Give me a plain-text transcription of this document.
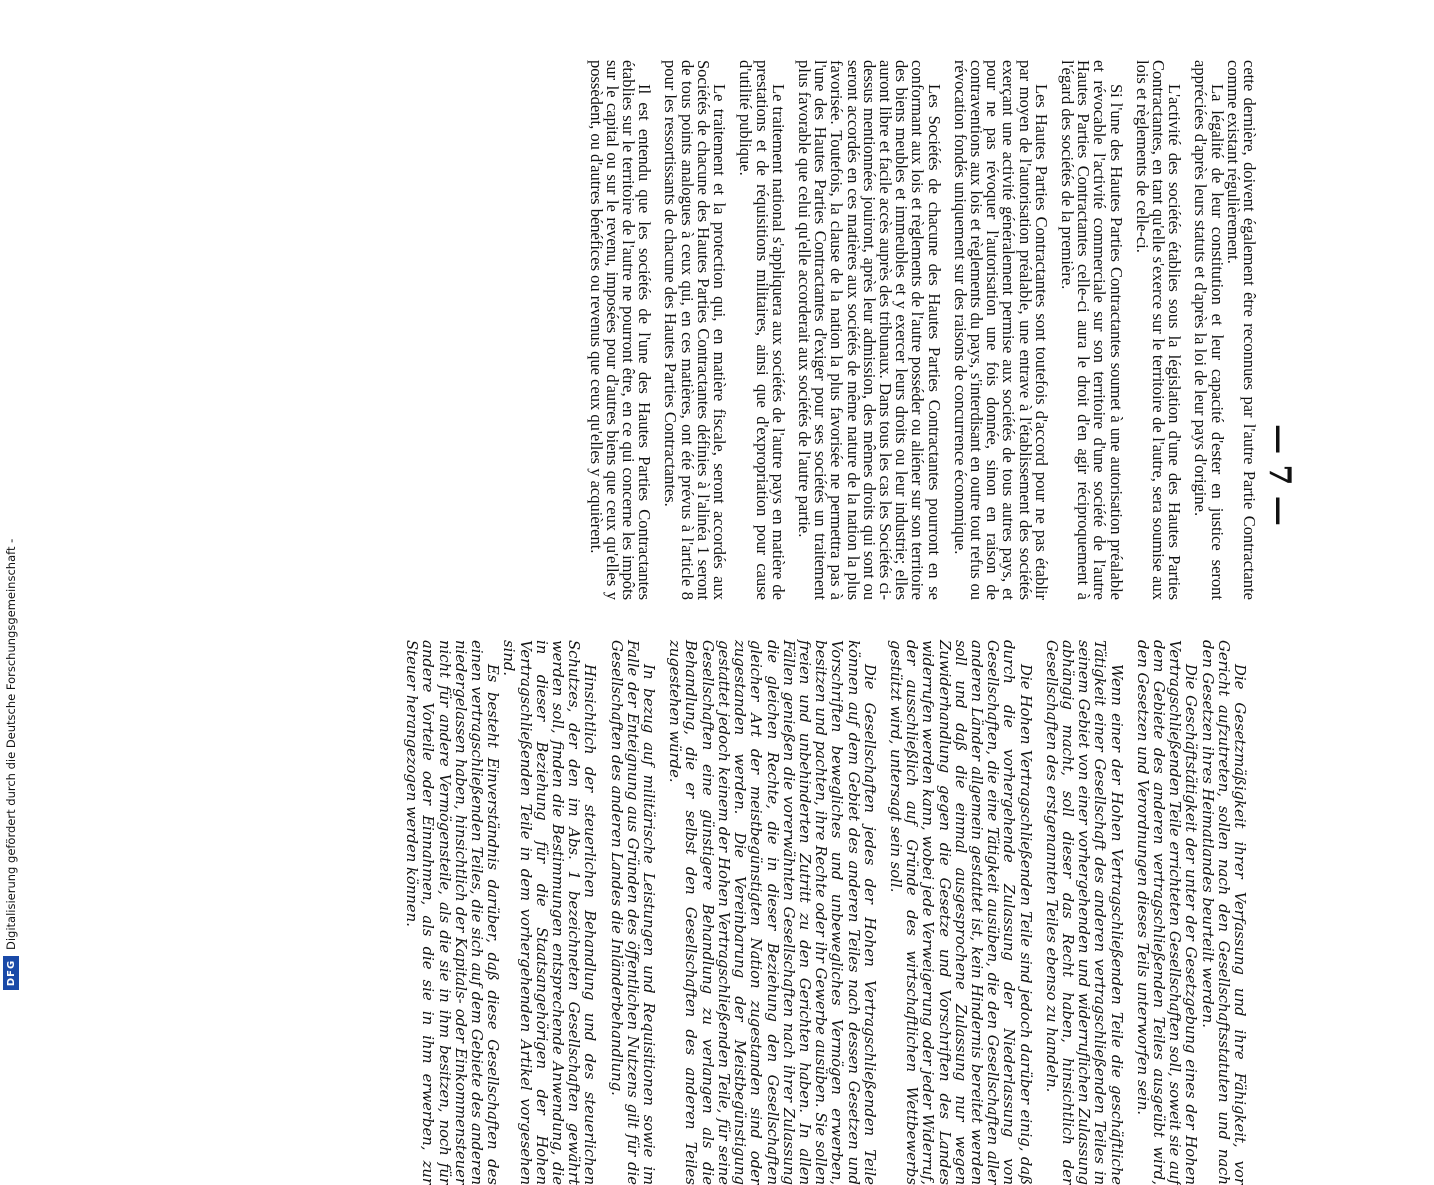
— 7 —

cette dernière, doivent également être reconnues par l'autre Partie Contractante comme existant régulièrement.

La légalité de leur constitution et leur capacité d'ester en justice seront appréciées d'après leurs statuts et d'après la loi de leur pays d'origine.

L'activité des sociétés établies sous la législation d'une des Hautes Parties Contractantes, en tant qu'elle s'exerce sur le territoire de l'autre, sera soumise aux lois et règlements de celle-ci.

Si l'une des Hautes Parties Contractantes soumet à une autorisation préalable et révocable l'activité commerciale sur son territoire d'une société de l'autre Hautes Parties Contractantes celle-ci aura le droit d'en agir réciproquement à l'égard des sociétés de la première.

Les Hautes Parties Contractantes sont toutefois d'accord pour ne pas établir par moyen de l'autorisation préalable, une entrave à l'établissement des sociétés exerçant une activité généralement permise aux sociétés de tous autres pays, et pour ne pas révoquer l'autorisation une fois donnée, sinon en raison de contraventions aux lois et règlements du pays, s'interdisant en outre tout refus ou révocation fondés uniquement sur des raisons de concurrence économique.

Les Sociétés de chacune des Hautes Parties Contractantes pourront en se conformant aux lois et règlements de l'autre posséder ou aliéner sur son territoire des biens meubles et immeubles et y exercer leurs droits ou leur industrie; elles auront libre et facile accès auprès des tribunaux. Dans tous les cas les Sociétés ci-dessus mentionnées jouiront, après leur admission, des mêmes droits qui sont ou seront accordés en ces matières aux sociétés de même nature de la nation la plus favorisée. Toutefois, la clause de la nation la plus favorisée ne permettra pas à l'une des Hautes Parties Contractantes d'exiger pour ses sociétés un traitement plus favorable que celui qu'elle accorderait aux sociétés de l'autre partie.

Le traitement national s'appliquera aux sociétés de l'autre pays en matière de prestations et de réquisitions militaires, ainsi que d'expropriation pour cause d'utilité publique.

Le traitement et la protection qui, en matière fiscale, seront accordés aux Sociétés de chacune des Hautes Parties Contractantes définies à l'alinéa 1 seront de tous points analogues à ceux qui, en ces matières, ont été prévus à l'article 8 pour les ressortissants de chacune des Hautes Parties Contractantes.

Il est entendu que les sociétés de l'une des Hautes Parties Contractantes établies sur le territoire de l'autre ne pourront être, en ce qui concerne les impôts sur le capital ou sur le revenu, imposées pour d'autres biens que ceux qu'elles y possèdent, ou d'autres bénéfices ou revenus que ceux qu'elles y acquièrent.

Die Gesetzmäßigkeit ihrer Verfassung und ihre Fähigkeit, vor Gericht aufzutreten, sollen nach den Gesellschaftsstatuten und nach den Gesetzen ihres Heimatlandes beurteilt werden.

Die Geschäftstätigkeit der unter der Gesetzgebung eines der Hohen Vertragschließenden Teile errichteten Gesellschaften soll, soweit sie auf dem Gebiete des anderen vertragschließenden Teiles ausgeübt wird, den Gesetzen und Verordnungen dieses Teils unterworfen sein.

Wenn einer der Hohen Vertragschließenden Teile die geschäftliche Tätigkeit einer Gesellschaft des anderen vertragschließenden Teiles in seinem Gebiet von einer vorhergehenden und widerruflichen Zulassung abhängig macht, soll dieser das Recht haben, hinsichtlich der Gesellschaften des erstgenannten Teiles ebenso zu handeln.

Die Hohen Vertragschließenden Teile sind jedoch darüber einig, daß durch die vorhergehende Zulassung der Niederlassung von Gesellschaften, die eine Tätigkeit ausüben, die den Gesellschaften aller anderen Länder allgemein gestattet ist, kein Hindernis bereitet werden soll und daß die einmal ausgesprochene Zulassung nur wegen Zuwiderhandlung gegen die Gesetze und Vorschriften des Landes widerrufen werden kann, wobei jede Verweigerung oder jeder Widerruf, der ausschließlich auf Gründe des wirtschaftlichen Wettbewerbs gestützt wird, untersagt sein soll.

Die Gesellschaften jedes der Hohen Vertragschließenden Teile können auf dem Gebiet des anderen Teiles nach dessen Gesetzen und Vorschriften bewegliches und unbewegliches Vermögen erwerben, besitzen und pachten, ihre Rechte oder ihr Gewerbe ausüben. Sie sollen freien und unbehinderten Zutritt zu den Gerichten haben. In allen Fällen genießen die vorerwähnten Gesellschaften nach ihrer Zulassung die gleichen Rechte, die in dieser Beziehung den Gesellschaften gleicher Art der meistbegünstigten Nation zugestanden sind oder zugestanden werden. Die Vereinbarung der Meistbegünstigung gestattet jedoch keinem der Hohen Vertragschließenden Teile, für seine Gesellschaften eine günstigere Behandlung zu verlangen als die Behandlung, die er selbst den Gesellschaften des anderen Teiles zugestehen würde.

In bezug auf militärische Leistungen und Requisitionen sowie im Falle der Enteignung aus Gründen des öffentlichen Nutzens gilt für die Gesellschaften des anderen Landes die Inländerbehandlung.

Hinsichtlich der steuerlichen Behandlung und des steuerlichen Schutzes, der den im Abs. 1 bezeichneten Gesellschaften gewährt werden soll, finden die Bestimmungen entsprechende Anwendung, die in dieser Beziehung für die Staatsangehörigen der Hohen Vertragschließenden Teile in dem vorhergehenden Artikel vorgesehen sind.

Es besteht Einverständnis darüber, daß diese Gesellschaften des einen vertragschließenden Teiles, die sich auf dem Gebiete des anderen niedergelassen haben, hinsichtlich der Kapitals- oder Einkommensteuer nicht für andere Vermögensteile, als die sie in ihm besitzen, noch für andere Vorteile oder Einnahmen, als die sie in ihm erwerben, zur Steuer herangezogen werden können.

DFG
Digitalisierung gefördert durch die Deutsche Forschungsgemeinschaft -
